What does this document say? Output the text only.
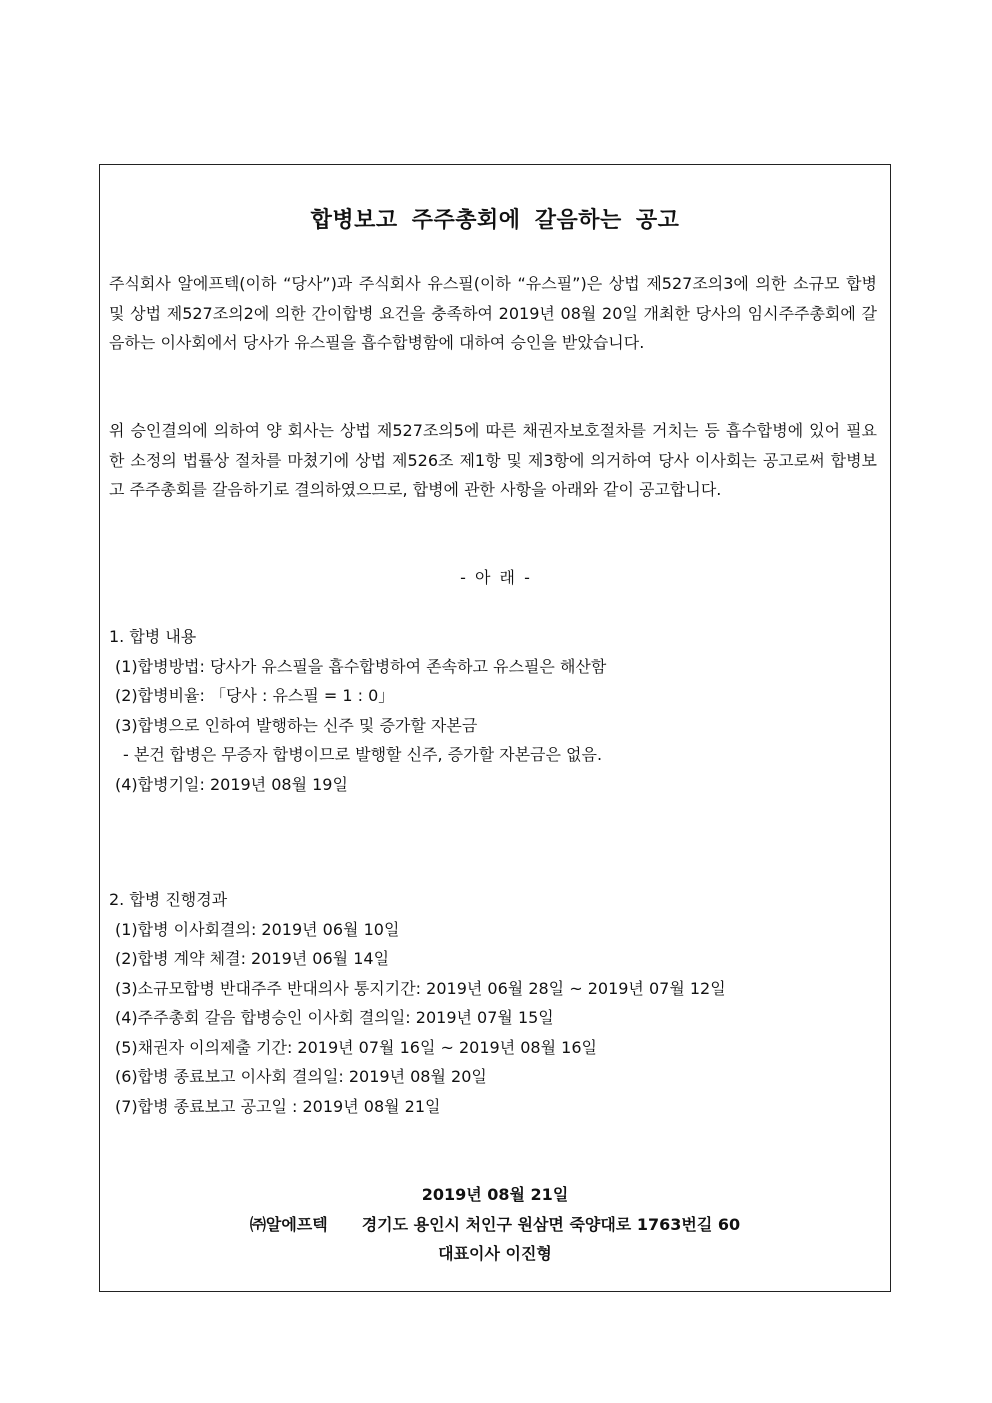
합병보고 주주총회에 갈음하는 공고

주식회사 알에프텍(이하 “당사”)과 주식회사 유스필(이하 “유스필”)은 상법 제527조의3에 의한 소규모 합병 및 상법 제527조의2에 의한 간이합병 요건을 충족하여 2019년 08월 20일 개최한 당사의 임시주주총회에 갈음하는 이사회에서 당사가 유스필을 흡수합병함에 대하여 승인을 받았습니다.

위 승인결의에 의하여 양 회사는 상법 제527조의5에 따른 채권자보호절차를 거치는 등 흡수합병에 있어 필요한 소정의 법률상 절차를 마쳤기에 상법 제526조 제1항 및 제3항에 의거하여 당사 이사회는 공고로써 합병보고 주주총회를 갈음하기로 결의하였으므로, 합병에 관한 사항을 아래와 같이 공고합니다.

- 아 래 -
1. 합병 내용
(1)합병방법: 당사가 유스필을 흡수합병하여 존속하고 유스필은 해산함
(2)합병비율: 「당사 : 유스필 = 1 : 0」
(3)합병으로 인하여 발행하는 신주 및 증가할 자본금
- 본건 합병은 무증자 합병이므로 발행할 신주, 증가할 자본금은 없음.
(4)합병기일: 2019년 08월 19일
2. 합병 진행경과
(1)합병 이사회결의: 2019년 06월 10일
(2)합병 계약 체결: 2019년 06월 14일
(3)소규모합병 반대주주 반대의사 통지기간: 2019년 06월 28일 ~ 2019년 07월 12일
(4)주주총회 갈음 합병승인 이사회 결의일: 2019년 07월 15일
(5)채권자 이의제출 기간: 2019년 07월 16일 ~ 2019년 08월 16일
(6)합병 종료보고 이사회 결의일: 2019년 08월 20일
(7)합병 종료보고 공고일 : 2019년 08월 21일
2019년 08월 21일
㈜알에프텍 경기도 용인시 처인구 원삼면 죽양대로 1763번길 60
대표이사 이진형
